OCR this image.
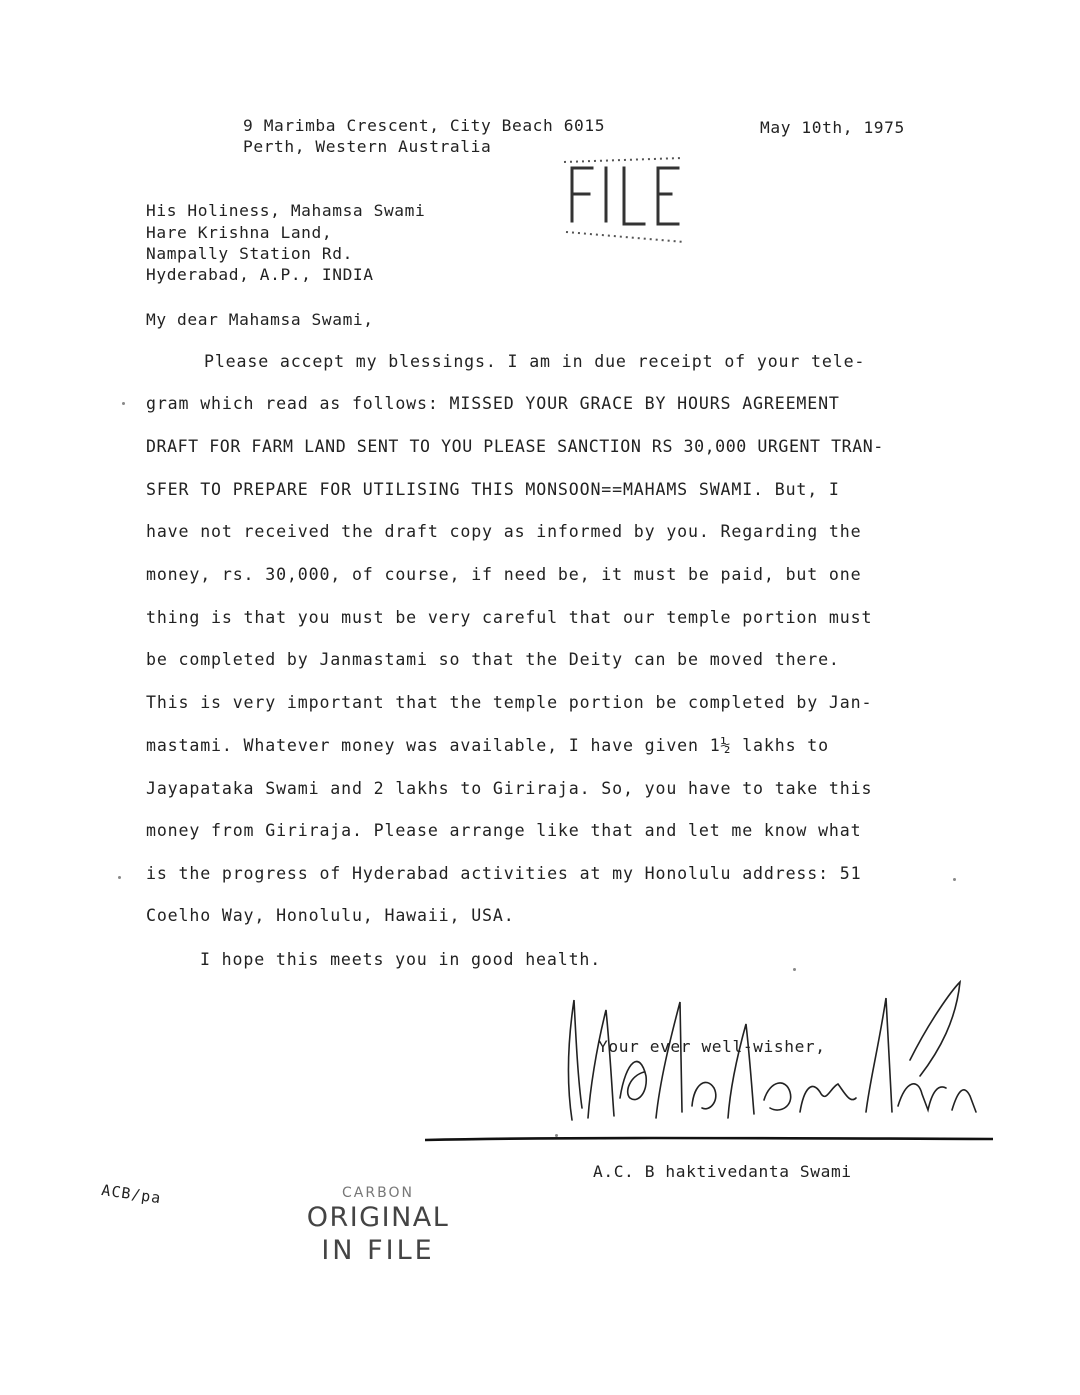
9 Marimba Crescent, City Beach 6015
Perth, Western Australia
May 10th, 1975
His Holiness, Mahamsa Swami
Hare Krishna Land,
Nampally Station Rd.
Hyderabad, A.P., INDIA
My dear Mahamsa Swami,
Please accept my blessings. I am in due receipt of your tele-
gram which read as follows: MISSED YOUR GRACE BY HOURS AGREEMENT
DRAFT FOR FARM LAND SENT TO YOU PLEASE SANCTION RS 30,000 URGENT TRAN-
SFER TO PREPARE FOR UTILISING THIS MONSOON==MAHAMS SWAMI. But, I
have not received the draft copy as informed by you. Regarding the
money, rs. 30,000, of course, if need be, it must be paid, but one
thing is that you must be very careful that our temple portion must
be completed by Janmastami so that the Deity can be moved there.
This is very important that the temple portion be completed by Jan-
mastami. Whatever money was available, I have given 1½ lakhs to
Jayapataka Swami and 2 lakhs to Giriraja. So, you have to take this
money from Giriraja. Please arrange like that and let me know what
is the progress of Hyderabad activities at my Honolulu address: 51
Coelho Way, Honolulu, Hawaii, USA.
I hope this meets you in good health.
Your ever well-wisher,
A.C. B haktivedanta Swami
ACB/pa	CARBON
ORIGINAL
IN FILE
